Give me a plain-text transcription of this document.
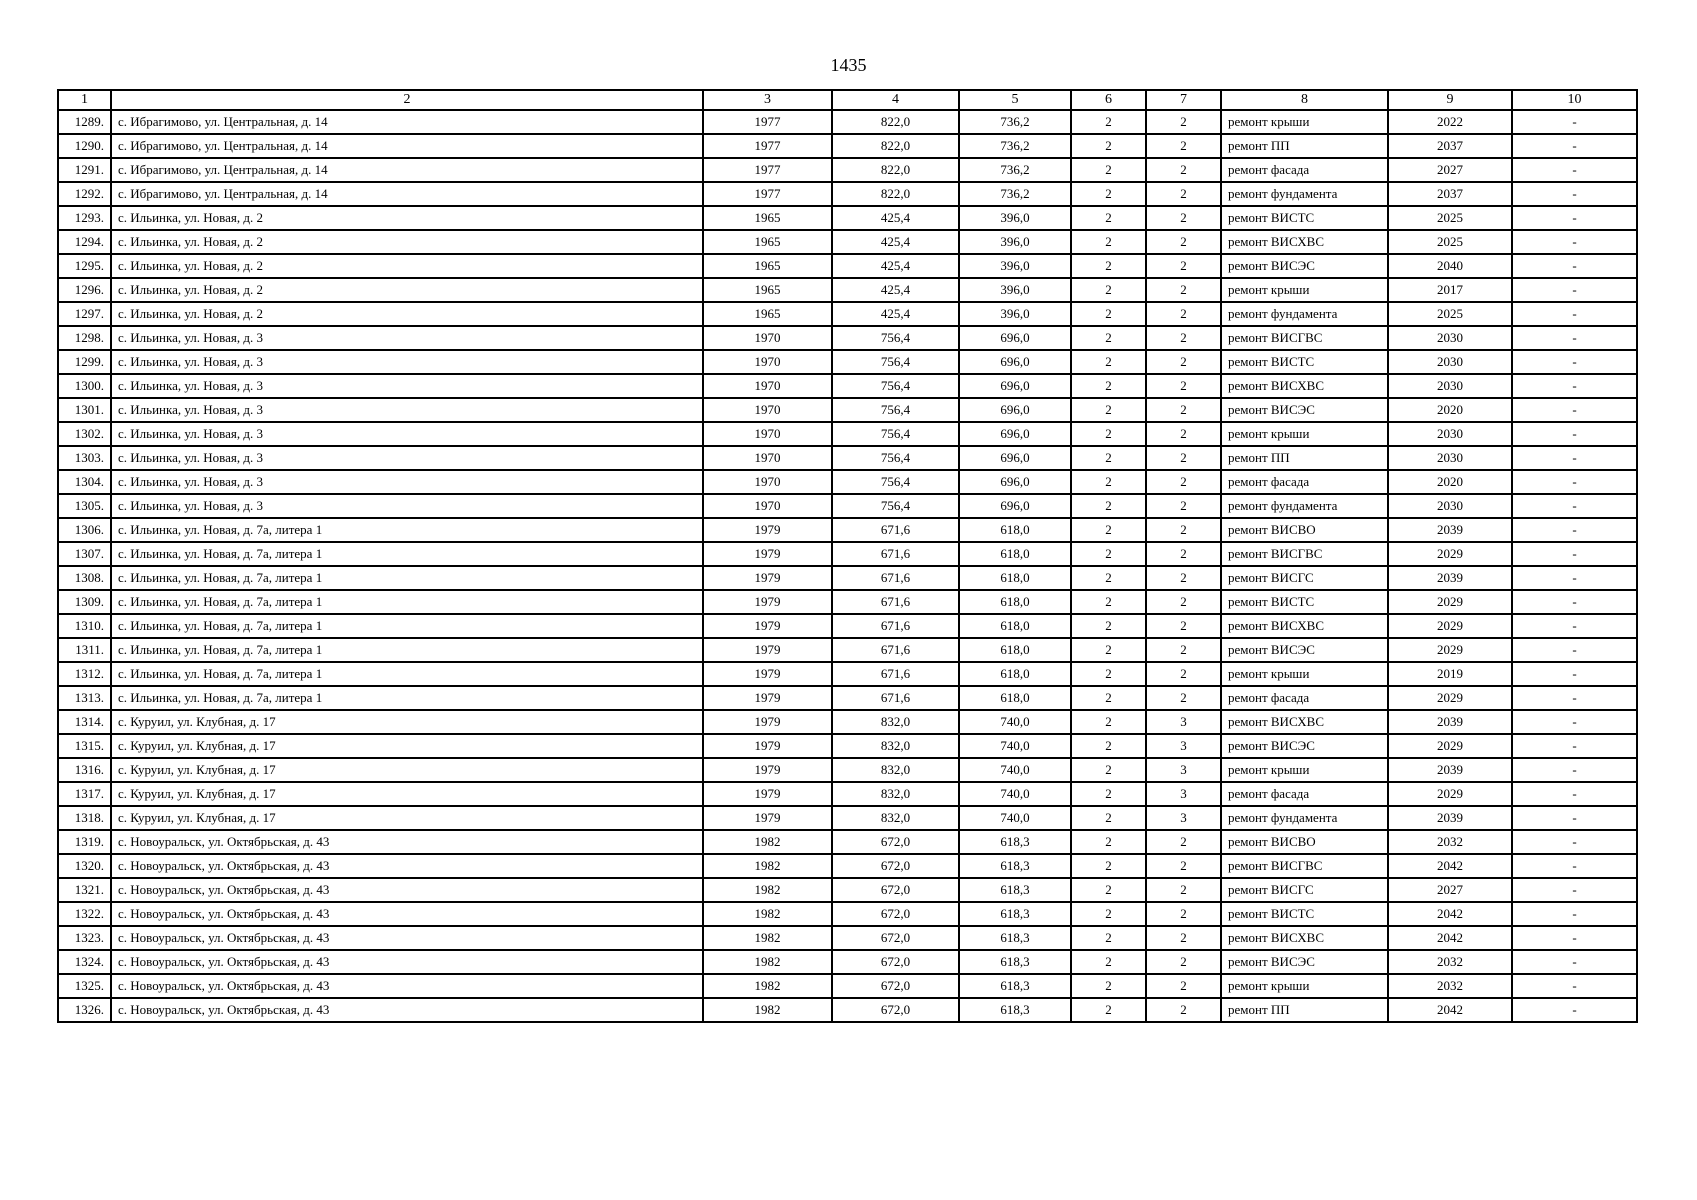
1435
1	2	3	4	5	6	7	8	9	10
1289.	с. Ибрагимово, ул. Центральная, д. 14	1977	822,0	736,2	2	2	ремонт крыши	2022	-
1290.	с. Ибрагимово, ул. Центральная, д. 14	1977	822,0	736,2	2	2	ремонт ПП	2037	-
1291.	с. Ибрагимово, ул. Центральная, д. 14	1977	822,0	736,2	2	2	ремонт фасада	2027	-
1292.	с. Ибрагимово, ул. Центральная, д. 14	1977	822,0	736,2	2	2	ремонт фундамента	2037	-
1293.	с. Ильинка, ул. Новая, д. 2	1965	425,4	396,0	2	2	ремонт ВИСТС	2025	-
1294.	с. Ильинка, ул. Новая, д. 2	1965	425,4	396,0	2	2	ремонт ВИСХВС	2025	-
1295.	с. Ильинка, ул. Новая, д. 2	1965	425,4	396,0	2	2	ремонт ВИСЭС	2040	-
1296.	с. Ильинка, ул. Новая, д. 2	1965	425,4	396,0	2	2	ремонт крыши	2017	-
1297.	с. Ильинка, ул. Новая, д. 2	1965	425,4	396,0	2	2	ремонт фундамента	2025	-
1298.	с. Ильинка, ул. Новая, д. 3	1970	756,4	696,0	2	2	ремонт ВИСГВС	2030	-
1299.	с. Ильинка, ул. Новая, д. 3	1970	756,4	696,0	2	2	ремонт ВИСТС	2030	-
1300.	с. Ильинка, ул. Новая, д. 3	1970	756,4	696,0	2	2	ремонт ВИСХВС	2030	-
1301.	с. Ильинка, ул. Новая, д. 3	1970	756,4	696,0	2	2	ремонт ВИСЭС	2020	-
1302.	с. Ильинка, ул. Новая, д. 3	1970	756,4	696,0	2	2	ремонт крыши	2030	-
1303.	с. Ильинка, ул. Новая, д. 3	1970	756,4	696,0	2	2	ремонт ПП	2030	-
1304.	с. Ильинка, ул. Новая, д. 3	1970	756,4	696,0	2	2	ремонт фасада	2020	-
1305.	с. Ильинка, ул. Новая, д. 3	1970	756,4	696,0	2	2	ремонт фундамента	2030	-
1306.	с. Ильинка, ул. Новая, д. 7а, литера 1	1979	671,6	618,0	2	2	ремонт ВИСВО	2039	-
1307.	с. Ильинка, ул. Новая, д. 7а, литера 1	1979	671,6	618,0	2	2	ремонт ВИСГВС	2029	-
1308.	с. Ильинка, ул. Новая, д. 7а, литера 1	1979	671,6	618,0	2	2	ремонт ВИСГС	2039	-
1309.	с. Ильинка, ул. Новая, д. 7а, литера 1	1979	671,6	618,0	2	2	ремонт ВИСТС	2029	-
1310.	с. Ильинка, ул. Новая, д. 7а, литера 1	1979	671,6	618,0	2	2	ремонт ВИСХВС	2029	-
1311.	с. Ильинка, ул. Новая, д. 7а, литера 1	1979	671,6	618,0	2	2	ремонт ВИСЭС	2029	-
1312.	с. Ильинка, ул. Новая, д. 7а, литера 1	1979	671,6	618,0	2	2	ремонт крыши	2019	-
1313.	с. Ильинка, ул. Новая, д. 7а, литера 1	1979	671,6	618,0	2	2	ремонт фасада	2029	-
1314.	с. Куруил, ул. Клубная, д. 17	1979	832,0	740,0	2	3	ремонт ВИСХВС	2039	-
1315.	с. Куруил, ул. Клубная, д. 17	1979	832,0	740,0	2	3	ремонт ВИСЭС	2029	-
1316.	с. Куруил, ул. Клубная, д. 17	1979	832,0	740,0	2	3	ремонт крыши	2039	-
1317.	с. Куруил, ул. Клубная, д. 17	1979	832,0	740,0	2	3	ремонт фасада	2029	-
1318.	с. Куруил, ул. Клубная, д. 17	1979	832,0	740,0	2	3	ремонт фундамента	2039	-
1319.	с. Новоуральск, ул. Октябрьская, д. 43	1982	672,0	618,3	2	2	ремонт ВИСВО	2032	-
1320.	с. Новоуральск, ул. Октябрьская, д. 43	1982	672,0	618,3	2	2	ремонт ВИСГВС	2042	-
1321.	с. Новоуральск, ул. Октябрьская, д. 43	1982	672,0	618,3	2	2	ремонт ВИСГС	2027	-
1322.	с. Новоуральск, ул. Октябрьская, д. 43	1982	672,0	618,3	2	2	ремонт ВИСТС	2042	-
1323.	с. Новоуральск, ул. Октябрьская, д. 43	1982	672,0	618,3	2	2	ремонт ВИСХВС	2042	-
1324.	с. Новоуральск, ул. Октябрьская, д. 43	1982	672,0	618,3	2	2	ремонт ВИСЭС	2032	-
1325.	с. Новоуральск, ул. Октябрьская, д. 43	1982	672,0	618,3	2	2	ремонт крыши	2032	-
1326.	с. Новоуральск, ул. Октябрьская, д. 43	1982	672,0	618,3	2	2	ремонт ПП	2042	-
